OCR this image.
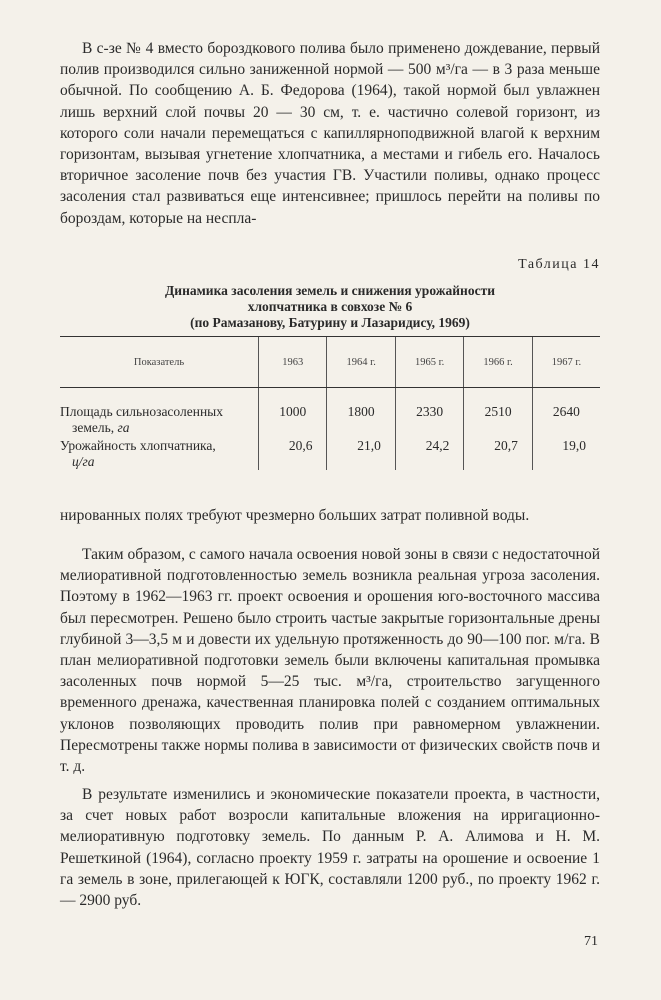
В с-зе № 4 вместо бороздкового полива было применено дождевание, первый полив производился сильно заниженной нормой — 500 м³/га — в 3 раза меньше обычной. По сообщению А. Б. Федорова (1964), такой нормой был увлажнен лишь верхний слой почвы 20 — 30 см, т. е. частично солевой горизонт, из которого соли начали перемещаться с капиллярноподвижной влагой к верхним горизонтам, вызывая угнетение хлопчатника, а местами и гибель его. Началось вторичное засоление почв без участия ГВ. Участили поливы, однако процесс засоления стал развиваться еще интенсивнее; пришлось перейти на поливы по бороздам, которые на неспла-

Таблица 14

Динамика засоления земель и снижения урожайности
хлопчатника в совхозе № 6
(по Рамазанову, Батурину и Лазаридису, 1969)
Показатель	1963	1964 г.	1965 г.	1966 г.	1967 г.

Площадь сильнозасоленных
земель, га	1000	1800	2330	2510	2640

Урожайность хлопчатника,
ц/га	20,6	21,0	24,2	20,7	19,0

нированных полях требуют чрезмерно больших затрат поливной воды.

Таким образом, с самого начала освоения новой зоны в связи с недостаточной мелиоративной подготовленностью земель возникла реальная угроза засоления. Поэтому в 1962—1963 гг. проект освоения и орошения юго-восточного массива был пересмотрен. Решено было строить частые закрытые горизонтальные дрены глубиной 3—3,5 м и довести их удельную протяженность до 90—100 пог. м/га. В план мелиоративной подготовки земель были включены капитальная промывка засоленных почв нормой 5—25 тыс. м³/га, строительство загущенного временного дренажа, качественная планировка полей с созданием оптимальных уклонов позволяющих проводить полив при равномерном увлажнении. Пересмотрены также нормы полива в зависимости от физических свойств почв и т. д.

В результате изменились и экономические показатели проекта, в частности, за счет новых работ возросли капитальные вложения на ирригационно-мелиоративную подготовку земель. По данным Р. А. Алимова и Н. М. Решеткиной (1964), согласно проекту 1959 г. затраты на орошение и освоение 1 га земель в зоне, прилегающей к ЮГК, составляли 1200 руб., по проекту 1962 г.— 2900 руб.

71
